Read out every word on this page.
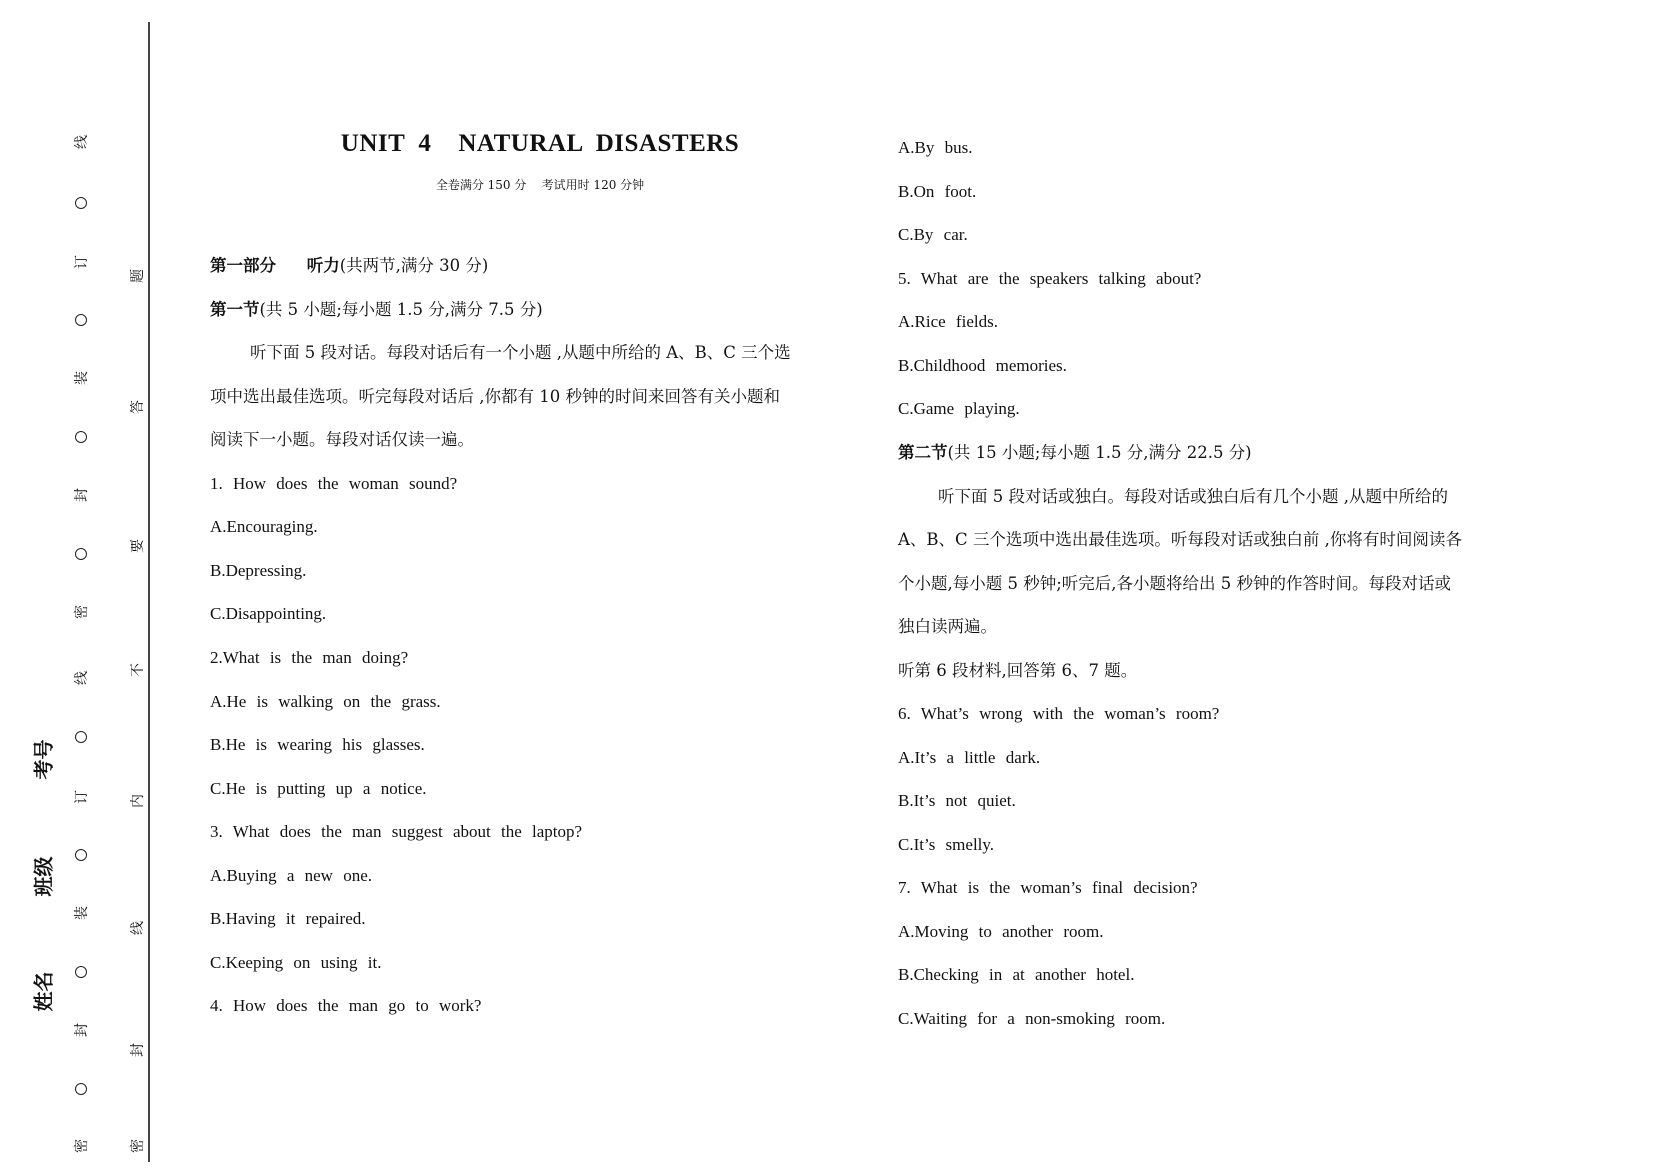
线
订
装
封
密
线
订
装
封
密
题
答
要
不
内
线
封
密
考号
班级
姓名
UNIT  4    NATURAL  DISASTERS
全卷满分 150 分    考试用时 120 分钟
第一部分 听力(共两节,满分 30 分)
第一节(共 5 小题;每小题 1.5 分,满分 7.5 分)
听下面 5 段对话。每段对话后有一个小题 ,从题中所给的 A、B、C 三个选
项中选出最佳选项。听完每段对话后 ,你都有 10 秒钟的时间来回答有关小题和
阅读下一小题。每段对话仅读一遍。
1. How does the woman sound?
A.Encouraging.
B.Depressing.
C.Disappointing.
2.What is the man doing?
A.He is walking on the grass.
B.He is wearing his glasses.
C.He is putting up a notice.
3. What does the man suggest about the laptop?
A.Buying a new one.
B.Having it repaired.
C.Keeping on using it.
4. How does the man go to work?
A.By bus.
B.On foot.
C.By car.
5. What are the speakers talking about?
A.Rice fields.
B.Childhood memories.
C.Game playing.
第二节(共 15 小题;每小题 1.5 分,满分 22.5 分)
听下面 5 段对话或独白。每段对话或独白后有几个小题 ,从题中所给的
A、B、C 三个选项中选出最佳选项。听每段对话或独白前 ,你将有时间阅读各
个小题,每小题 5 秒钟;听完后,各小题将给出 5 秒钟的作答时间。每段对话或
独白读两遍。
听第 6 段材料,回答第 6、7 题。
6. What’s wrong with the woman’s room?
A.It’s a little dark.
B.It’s not quiet.
C.It’s smelly.
7. What is the woman’s final decision?
A.Moving to another room.
B.Checking in at another hotel.
C.Waiting for a non-smoking room.
